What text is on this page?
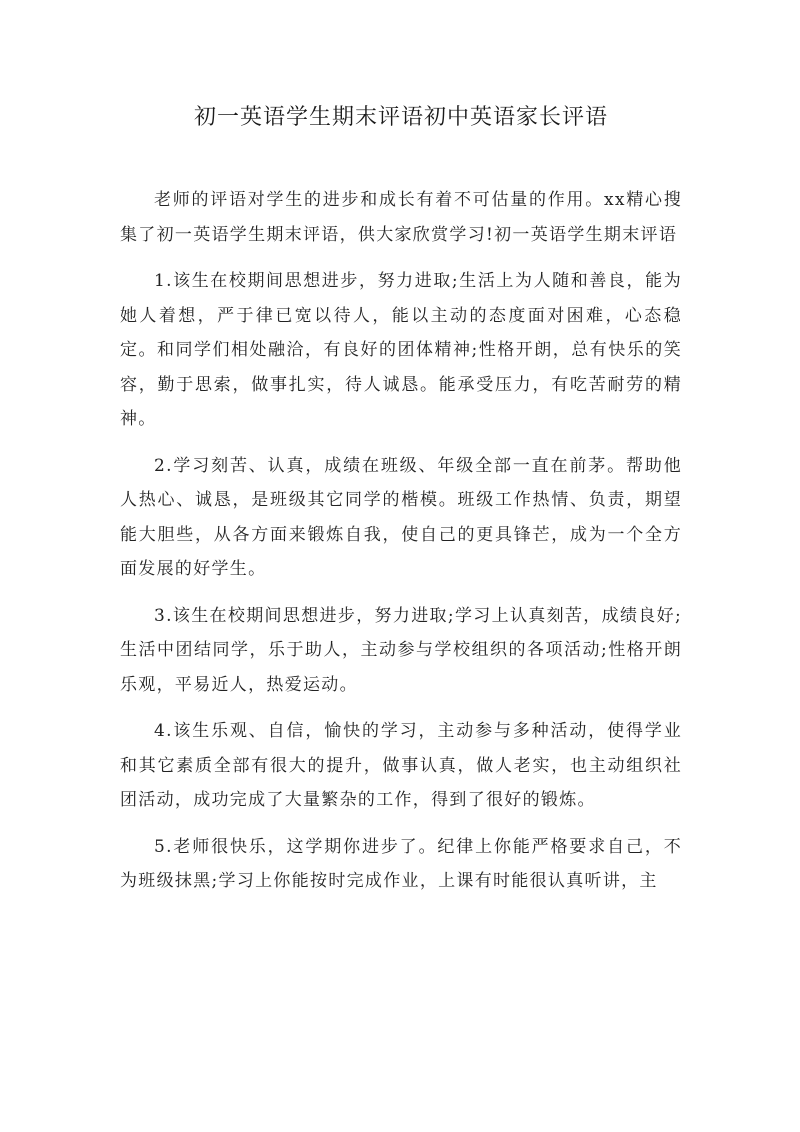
初一英语学生期末评语初中英语家长评语

老师的评语对学生的进步和成长有着不可估量的作用。xx精心搜集了初一英语学生期末评语，供大家欣赏学习!初一英语学生期末评语

1.该生在校期间思想进步，努力进取;生活上为人随和善良，能为她人着想，严于律已宽以待人，能以主动的态度面对困难，心态稳定。和同学们相处融洽，有良好的团体精神;性格开朗，总有快乐的笑容，勤于思索，做事扎实，待人诚恳。能承受压力，有吃苦耐劳的精神。

2.学习刻苦、认真，成绩在班级、年级全部一直在前茅。帮助他人热心、诚恳，是班级其它同学的楷模。班级工作热情、负责，期望能大胆些，从各方面来锻炼自我，使自己的更具锋芒，成为一个全方面发展的好学生。

3.该生在校期间思想进步，努力进取;学习上认真刻苦，成绩良好;生活中团结同学，乐于助人，主动参与学校组织的各项活动;性格开朗乐观，平易近人，热爱运动。

4.该生乐观、自信，愉快的学习，主动参与多种活动，使得学业和其它素质全部有很大的提升，做事认真，做人老实，也主动组织社团活动，成功完成了大量繁杂的工作，得到了很好的锻炼。

5.老师很快乐，这学期你进步了。纪律上你能严格要求自己，不为班级抹黑;学习上你能按时完成作业，上课有时能很认真听讲，主
